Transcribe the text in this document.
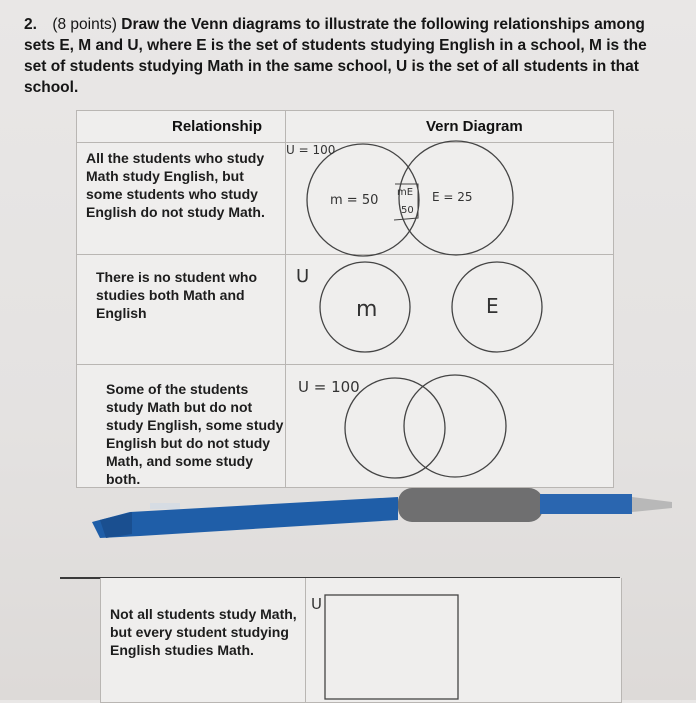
2. (8 points) Draw the Venn diagrams to illustrate the following relationships among sets E, M and U, where E is the set of students studying English in a school, M is the set of students studying Math in the same school, U is the set of all students in that school.
Relationship	Vern Diagram
All the students who study Math study English, but some students who study English do not study Math.
There is no student who studies both Math and English
Some of the students study Math but do not study English, some study English but do not study Math, and some study both.
Not all students study Math, but every student studying English studies Math.
U = 100
m = 50
mE
50
E = 25
U
m	E
U = 100
U
